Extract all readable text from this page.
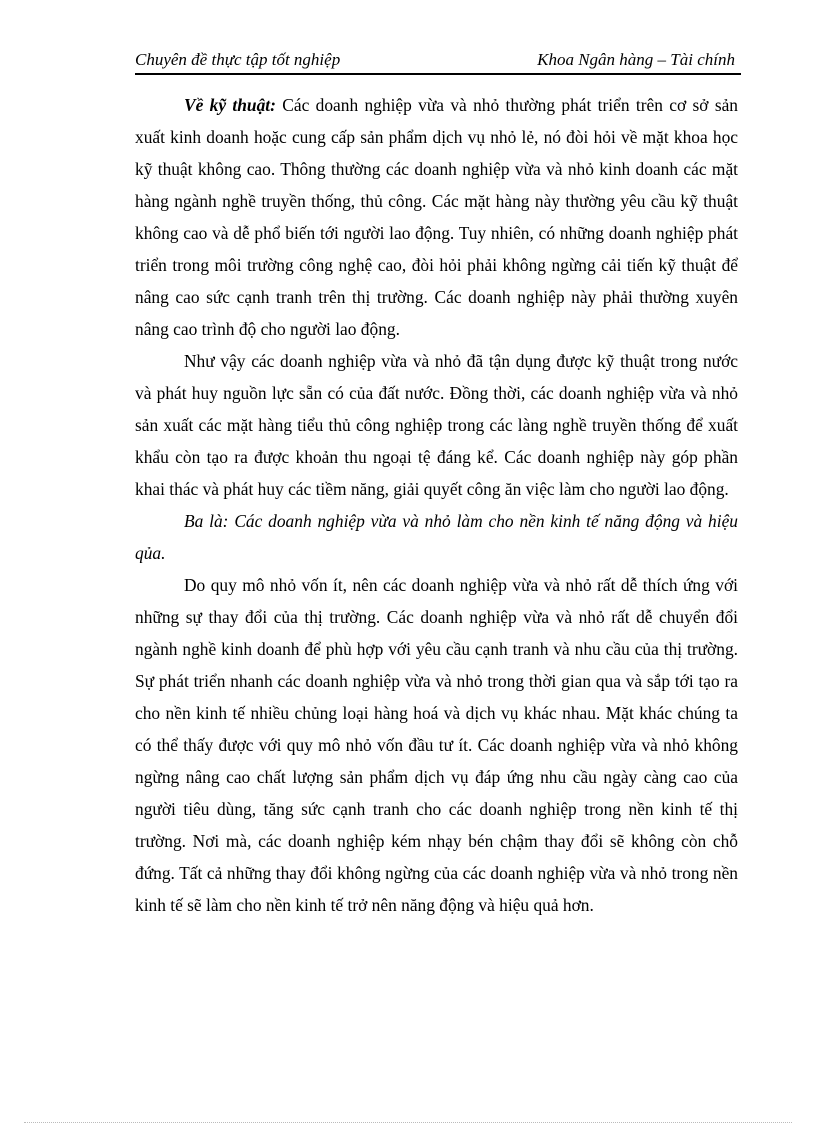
Chuyên đề thực tập tốt nghiệp	Khoa Ngân hàng – Tài chính

Về kỹ thuật: Các doanh nghiệp vừa và nhỏ thường phát triển trên cơ sở sản xuất kinh doanh hoặc cung cấp sản phẩm dịch vụ nhỏ lẻ, nó đòi hỏi về mặt khoa học kỹ thuật không cao. Thông thường các doanh nghiệp vừa và nhỏ kinh doanh các mặt hàng ngành nghề truyền thống, thủ công. Các mặt hàng này thường yêu cầu kỹ thuật không cao và dễ phổ biến tới người lao động. Tuy nhiên, có những doanh nghiệp phát triển trong môi trường công nghệ cao, đòi hỏi phải không ngừng cải tiến kỹ thuật để nâng cao sức cạnh tranh trên thị trường. Các doanh nghiệp này phải thường xuyên nâng cao trình độ cho người lao động.

Như vậy các doanh nghiệp vừa và nhỏ đã tận dụng được kỹ thuật trong nước và phát huy nguồn lực sẵn có của đất nước. Đồng thời, các doanh nghiệp vừa và nhỏ sản xuất các mặt hàng tiểu thủ công nghiệp trong các làng nghề truyền thống để xuất khẩu còn tạo ra được khoản thu ngoại tệ đáng kể. Các doanh nghiệp này góp phần khai thác và phát huy các tiềm năng, giải quyết công ăn việc làm cho người lao động.

Ba là: Các doanh nghiệp vừa và nhỏ làm cho nền kinh tế năng động và hiệu qủa.

Do quy mô nhỏ vốn ít, nên các doanh nghiệp vừa và nhỏ rất dễ thích ứng với những sự thay đổi của thị trường. Các doanh nghiệp vừa và nhỏ rất dễ chuyển đổi ngành nghề kinh doanh để phù hợp với yêu cầu cạnh tranh và nhu cầu của thị trường. Sự phát triển nhanh các doanh nghiệp vừa và nhỏ trong thời gian qua và sắp tới tạo ra cho nền kinh tế nhiều chủng loại hàng hoá và dịch vụ khác nhau. Mặt khác chúng ta có thể thấy được với quy mô nhỏ vốn đầu tư ít. Các doanh nghiệp vừa và nhỏ không ngừng nâng cao chất lượng sản phẩm dịch vụ đáp ứng nhu cầu ngày càng cao của người tiêu dùng, tăng sức cạnh tranh cho các doanh nghiệp trong nền kinh tế thị trường. Nơi mà, các doanh nghiệp kém nhạy bén chậm thay đổi sẽ không còn chỗ đứng. Tất cả những thay đổi không ngừng của các doanh nghiệp vừa và nhỏ trong nền kinh tế sẽ làm cho nền kinh tế trở nên năng động và hiệu quả hơn.
